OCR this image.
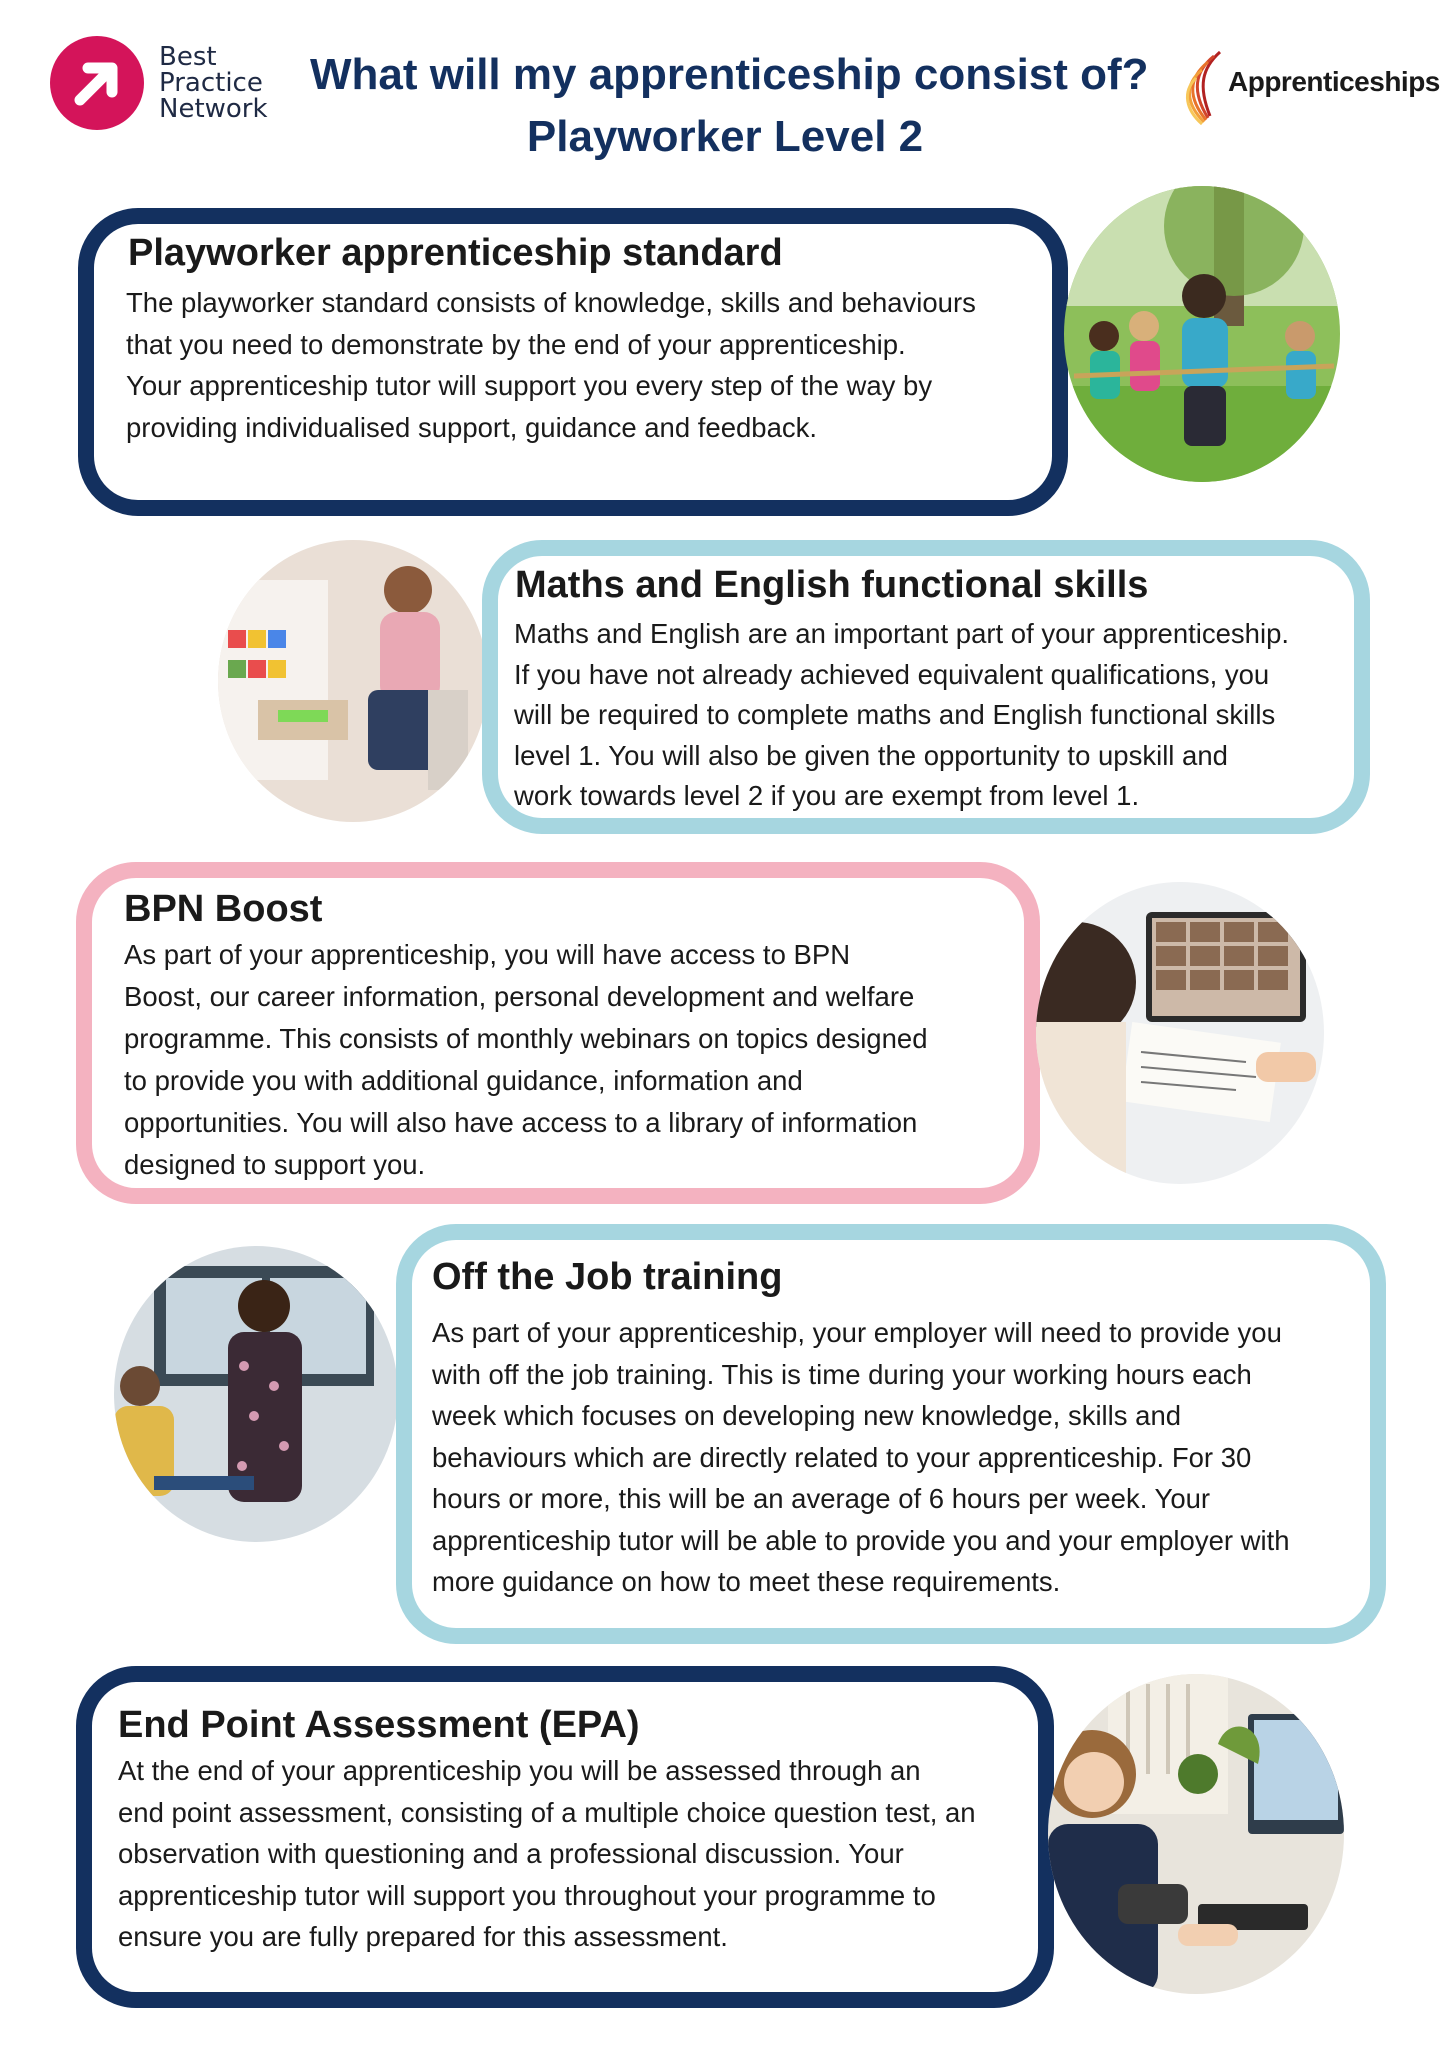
Best
Practice
Network
What will my apprenticeship consist of?
Playworker Level 2
Apprenticeships
Playworker apprenticeship standard
The playworker standard consists of knowledge, skills and behaviours
that you need to demonstrate by the end of your apprenticeship.
Your apprenticeship tutor will support you every step of the way by
providing individualised support, guidance and feedback.
Maths and English functional skills
Maths and English are an important part of your apprenticeship.
If you have not already achieved equivalent qualifications, you
will be required to complete maths and English functional skills
level 1. You will also be given the opportunity to upskill and
work towards level 2 if you are exempt from level 1.
BPN Boost
As part of your apprenticeship, you will have access to BPN
Boost, our career information, personal development and welfare
programme. This consists of monthly webinars on topics designed
to provide you with additional guidance, information and
opportunities. You will also have access to a library of information
designed to support you.
Off the Job training
As part of your apprenticeship, your employer will need to provide you
with off the job training. This is time during your working hours each
week which focuses on developing new knowledge, skills and
behaviours which are directly related to your apprenticeship. For 30
hours or more, this will be an average of 6 hours per week. Your
apprenticeship tutor will be able to provide you and your employer with
more guidance on how to meet these requirements.
End Point Assessment (EPA)
At the end of your apprenticeship you will be assessed through an
end point assessment, consisting of a multiple choice question test, an
observation with questioning and a professional discussion. Your
apprenticeship tutor will support you throughout your programme to
ensure you are fully prepared for this assessment.
